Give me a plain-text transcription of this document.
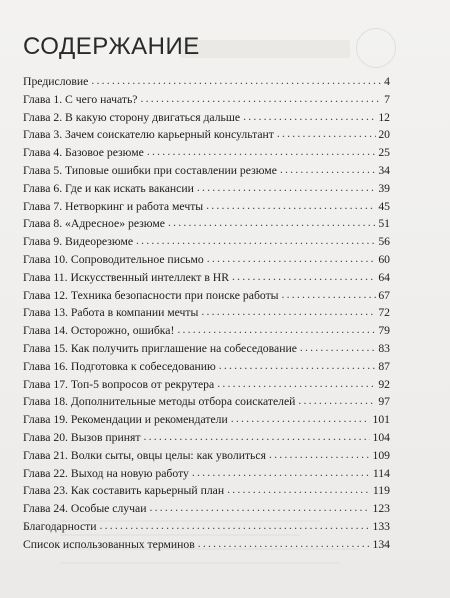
СОДЕРЖАНИЕ
Предисловие .....	4
Глава 1. С чего начать? .....	7
Глава 2. В какую сторону двигаться дальше .....	12
Глава 3. Зачем соискателю карьерный консультант .....	20
Глава 4. Базовое резюме .....	25
Глава 5. Типовые ошибки при составлении резюме .....	34
Глава 6. Где и как искать вакансии .....	39
Глава 7. Нетворкинг и работа мечты .....	45
Глава 8. «Адресное» резюме .....	51
Глава 9. Видеорезюме .....	56
Глава 10. Сопроводительное письмо .....	60
Глава 11. Искусственный интеллект в HR .....	64
Глава 12. Техника безопасности при поиске работы .....	67
Глава 13. Работа в компании мечты .....	72
Глава 14. Осторожно, ошибка! .....	79
Глава 15. Как получить приглашение на собеседование .....	83
Глава 16. Подготовка к собеседованию .....	87
Глава 17. Топ-5 вопросов от рекрутера .....	92
Глава 18. Дополнительные методы отбора соискателей .....	97
Глава 19. Рекомендации и рекомендатели .....	101
Глава 20. Вызов принят .....	104
Глава 21. Волки сыты, овцы целы: как уволиться .....	109
Глава 22. Выход на новую работу .....	114
Глава 23. Как составить карьерный план .....	119
Глава 24. Особые случаи .....	123
Благодарности .....	133
Список использованных терминов .....	134
